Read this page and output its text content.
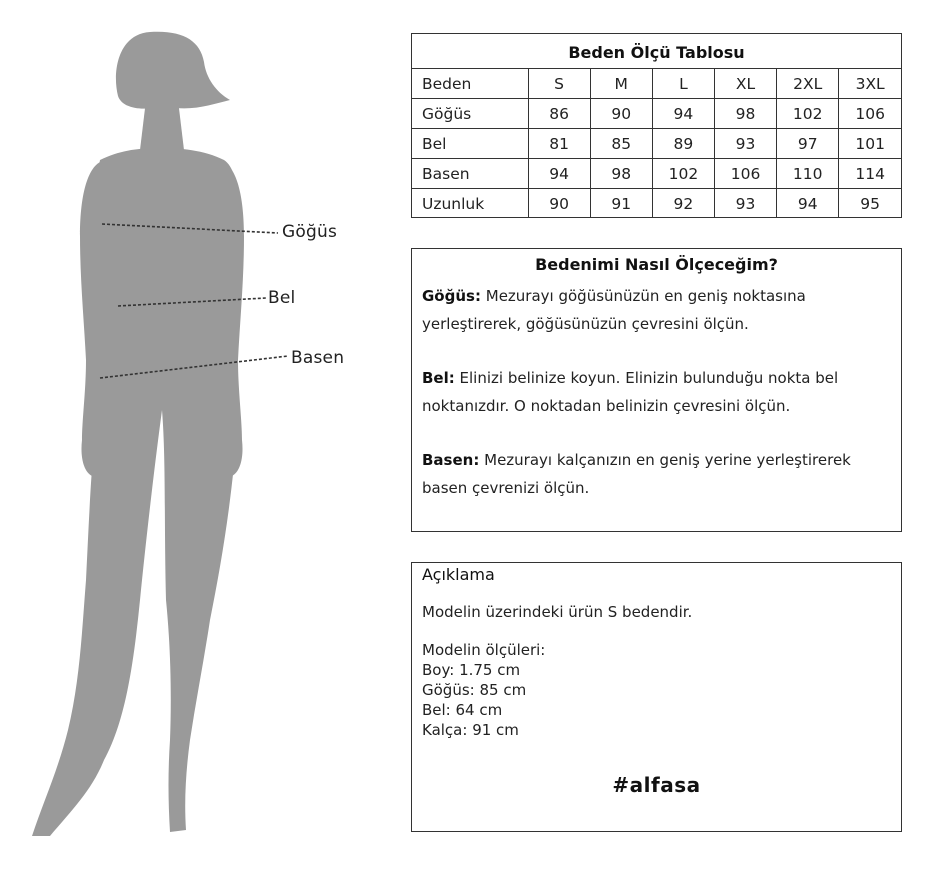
Göğüs
Bel
Basen
Beden Ölçü Tablosu
Beden	S	M	L	XL	2XL	3XL
Göğüs	86	90	94	98	102	106
Bel	81	85	89	93	97	101
Basen	94	98	102	106	110	114
Uzunluk	90	91	92	93	94	95
Bedenimi Nasıl Ölçeceğim?

Göğüs: Mezurayı göğüsünüzün en geniş noktasına yerleştirerek, göğüsünüzün çevresini ölçün.

Bel: Elinizi belinize koyun. Elinizin bulunduğu nokta bel noktanızdır. O noktadan belinizin çevresini ölçün.

Basen: Mezurayı kalçanızın en geniş yerine yerleştirerek basen çevrenizi ölçün.

Açıklama
Modelin üzerindeki ürün S bedendir.
Modelin ölçüleri:
Boy: 1.75 cm
Göğüs: 85 cm
Bel: 64 cm
Kalça: 91 cm
#alfasa
